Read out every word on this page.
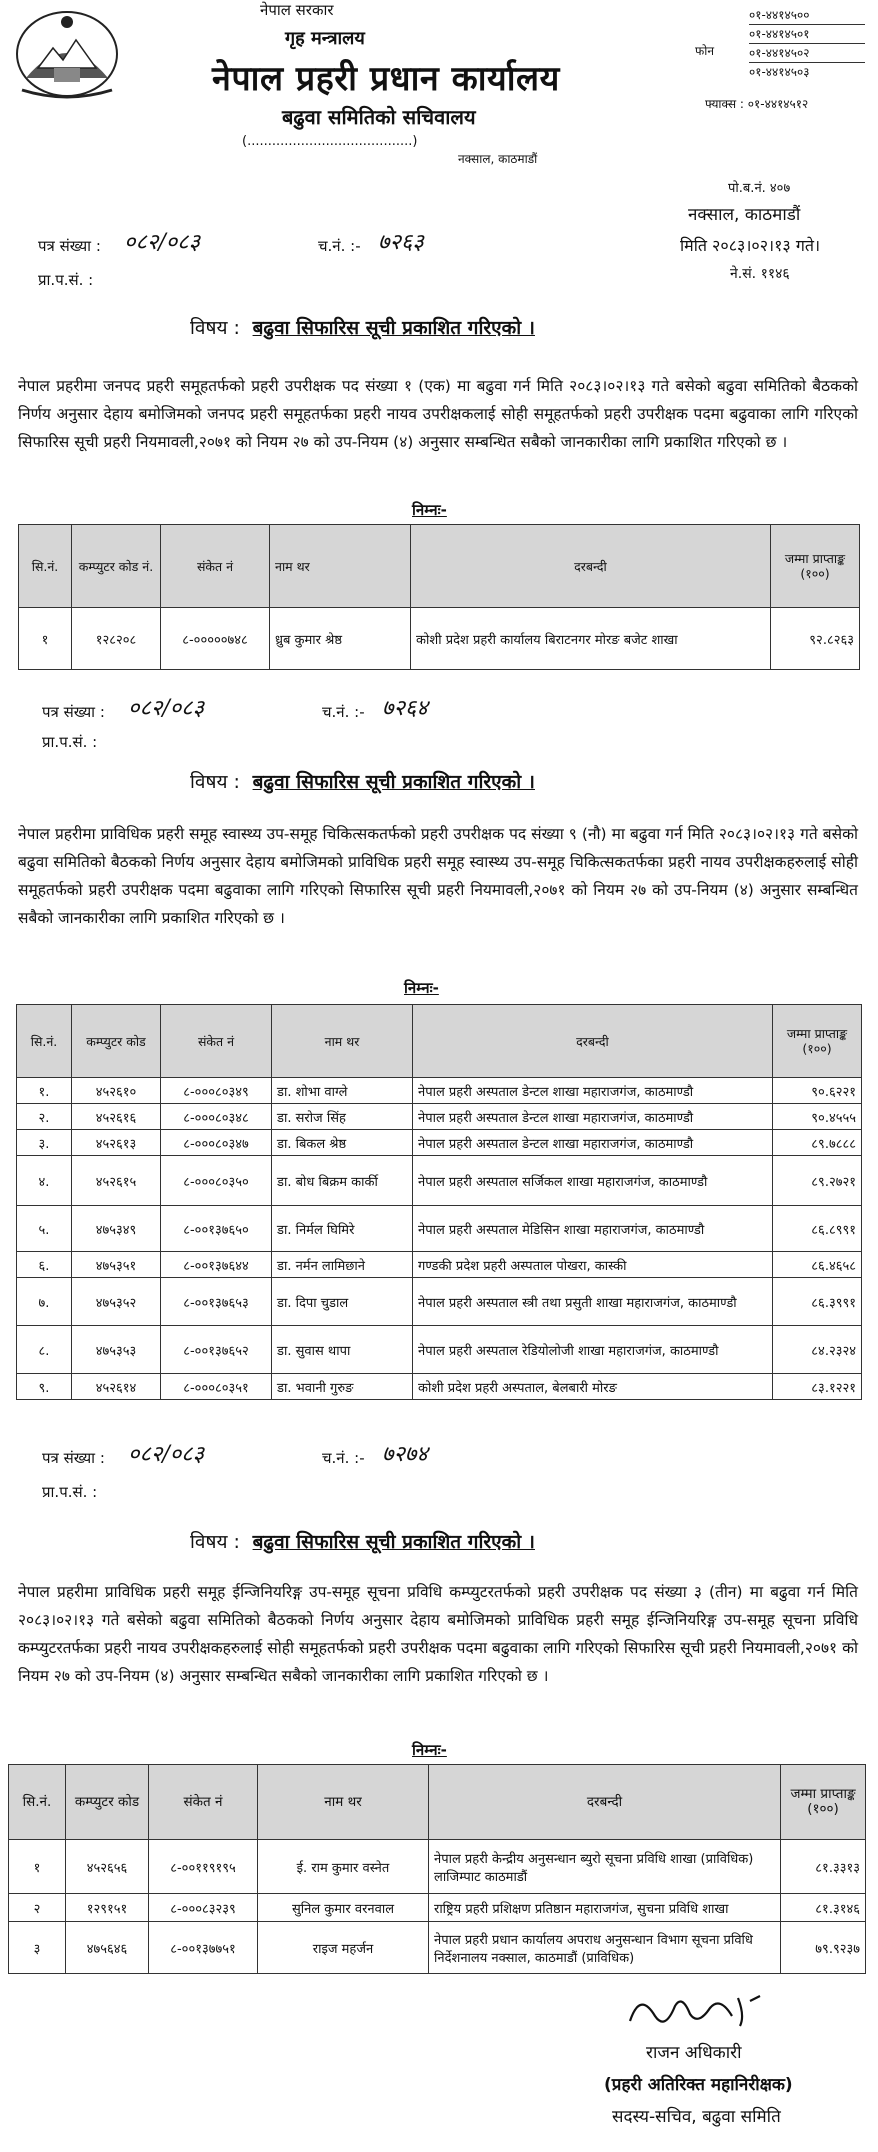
नेपाल सरकार
गृह मन्त्रालय
नेपाल प्रहरी प्रधान कार्यालय
बढुवा समितिको सचिवालय
(........................................)
नक्साल, काठमाडौं
फोन
०१-४४१४५००
०१-४४१४५०१
०१-४४१४५०२
०१-४४१४५०३
फ्याक्स : ०१-४४१४५१२
पो.ब.नं. ४०७
नक्साल, काठमाडौं
मिति २०८३।०२।१३ गते।
ने.सं. ११४६
पत्र संख्या : ०८२/०८३	च.नं. :- ७२६३
प्रा.प.सं. :
विषय : बढुवा सिफारिस सूची प्रकाशित गरिएको ।
नेपाल प्रहरीमा जनपद प्रहरी समूहतर्फको प्रहरी उपरीक्षक पद संख्या १ (एक) मा बढुवा गर्न मिति २०८३।०२।१३ गते बसेको बढुवा समितिको बैठकको निर्णय अनुसार देहाय बमोजिमको जनपद प्रहरी समूहतर्फका प्रहरी नायव उपरीक्षकलाई सोही समूहतर्फको प्रहरी उपरीक्षक पदमा बढुवाका लागि गरिएको सिफारिस सूची प्रहरी नियमावली,२०७१ को नियम २७ को उप-नियम (४) अनुसार सम्बन्धित सबैको जानकारीका लागि प्रकाशित गरिएको छ ।
निम्नः-
सि.नं.	कम्प्युटर कोड नं.	संकेत नं	नाम थर	दरबन्दी	जम्मा प्राप्ताङ्क (१००)
१	१२८२०८	८-०००००७४८	ध्रुब कुमार श्रेष्ठ	कोशी प्रदेश प्रहरी कार्यालय बिराटनगर मोरङ बजेट शाखा	९२.८२६३
पत्र संख्या : ०८२/०८३	च.नं. :- ७२६४
प्रा.प.सं. :
विषय : बढुवा सिफारिस सूची प्रकाशित गरिएको ।
नेपाल प्रहरीमा प्राविधिक प्रहरी समूह स्वास्थ्य उप-समूह चिकित्सकतर्फको प्रहरी उपरीक्षक पद संख्या ९ (नौ) मा बढुवा गर्न मिति २०८३।०२।१३ गते बसेको बढुवा समितिको बैठकको निर्णय अनुसार देहाय बमोजिमको प्राविधिक प्रहरी समूह स्वास्थ्य उप-समूह चिकित्सकतर्फका प्रहरी नायव उपरीक्षकहरुलाई सोही समूहतर्फको प्रहरी उपरीक्षक पदमा बढुवाका लागि गरिएको सिफारिस सूची प्रहरी नियमावली,२०७१ को नियम २७ को उप-नियम (४) अनुसार सम्बन्धित सबैको जानकारीका लागि प्रकाशित गरिएको छ ।
निम्नः-
सि.नं.	कम्प्युटर कोड	संकेत नं	नाम थर	दरबन्दी	जम्मा प्राप्ताङ्क (१००)
१.	४५२६१०	८-०००८०३४९	डा. शोभा वाग्ले	नेपाल प्रहरी अस्पताल डेन्टल शाखा महाराजगंज, काठमाण्डौ	९०.६२२१
२.	४५२६१६	८-०००८०३४८	डा. सरोज सिंह	नेपाल प्रहरी अस्पताल डेन्टल शाखा महाराजगंज, काठमाण्डौ	९०.४५५५
३.	४५२६१३	८-०००८०३४७	डा. बिकल श्रेष्ठ	नेपाल प्रहरी अस्पताल डेन्टल शाखा महाराजगंज, काठमाण्डौ	८९.७८८८
४.	४५२६१५	८-०००८०३५०	डा. बोध बिक्रम कार्की	नेपाल प्रहरी अस्पताल सर्जिकल शाखा महाराजगंज, काठमाण्डौ	८९.२७२१
५.	४७५३४९	८-००१३७६५०	डा. निर्मल घिमिरे	नेपाल प्रहरी अस्पताल मेडिसिन शाखा महाराजगंज, काठमाण्डौ	८६.८९९१
६.	४७५३५१	८-००१३७६४४	डा. नर्मन लामिछाने	गण्डकी प्रदेश प्रहरी अस्पताल पोखरा, कास्की	८६.४६५८
७.	४७५३५२	८-००१३७६५३	डा. दिपा चुडाल	नेपाल प्रहरी अस्पताल स्त्री तथा प्रसुती शाखा महाराजगंज, काठमाण्डौ	८६.३९९१
८.	४७५३५३	८-००१३७६५२	डा. सुवास थापा	नेपाल प्रहरी अस्पताल रेडियोलोजी शाखा महाराजगंज, काठमाण्डौ	८४.२३२४
९.	४५२६१४	८-०००८०३५१	डा. भवानी गुरुङ	कोशी प्रदेश प्रहरी अस्पताल, बेलबारी मोरङ	८३.१२२१
पत्र संख्या : ०८२/०८३	च.नं. :- ७२७४
प्रा.प.सं. :
विषय : बढुवा सिफारिस सूची प्रकाशित गरिएको ।
नेपाल प्रहरीमा प्राविधिक प्रहरी समूह ईन्जिनियरिङ्ग उप-समूह सूचना प्रविधि कम्प्युटरतर्फको प्रहरी उपरीक्षक पद संख्या ३ (तीन) मा बढुवा गर्न मिति २०८३।०२।१३ गते बसेको बढुवा समितिको बैठकको निर्णय अनुसार देहाय बमोजिमको प्राविधिक प्रहरी समूह ईन्जिनियरिङ्ग उप-समूह सूचना प्रविधि कम्प्युटरतर्फका प्रहरी नायव उपरीक्षकहरुलाई सोही समूहतर्फको प्रहरी उपरीक्षक पदमा बढुवाका लागि गरिएको सिफारिस सूची प्रहरी नियमावली,२०७१ को नियम २७ को उप-नियम (४) अनुसार सम्बन्धित सबैको जानकारीका लागि प्रकाशित गरिएको छ ।
निम्नः-
सि.नं.	कम्प्युटर कोड	संकेत नं	नाम थर	दरबन्दी	जम्मा प्राप्ताङ्क (१००)
१	४५२६५६	८-००११९१९५	ई. राम कुमार वस्नेत	नेपाल प्रहरी केन्द्रीय अनुसन्धान ब्युरो सूचना प्रविधि शाखा (प्राविधिक) लाजिम्पाट काठमाडौं	८१.३३१३
२	१२९१५१	८-०००८३२३९	सुनिल कुमार वरनवाल	राष्ट्रिय प्रहरी प्रशिक्षण प्रतिष्ठान महाराजगंज, सुचना प्रविधि शाखा	८१.३१४६
३	४७५६४६	८-००१३७७५१	राइज महर्जन	नेपाल प्रहरी प्रधान कार्यालय अपराध अनुसन्धान विभाग सूचना प्रविधि निर्देशनालय नक्साल, काठमाडौं (प्राविधिक)	७९.९२३७
राजन अधिकारी
(प्रहरी अतिरिक्त महानिरीक्षक)
सदस्य-सचिव, बढुवा समिति
